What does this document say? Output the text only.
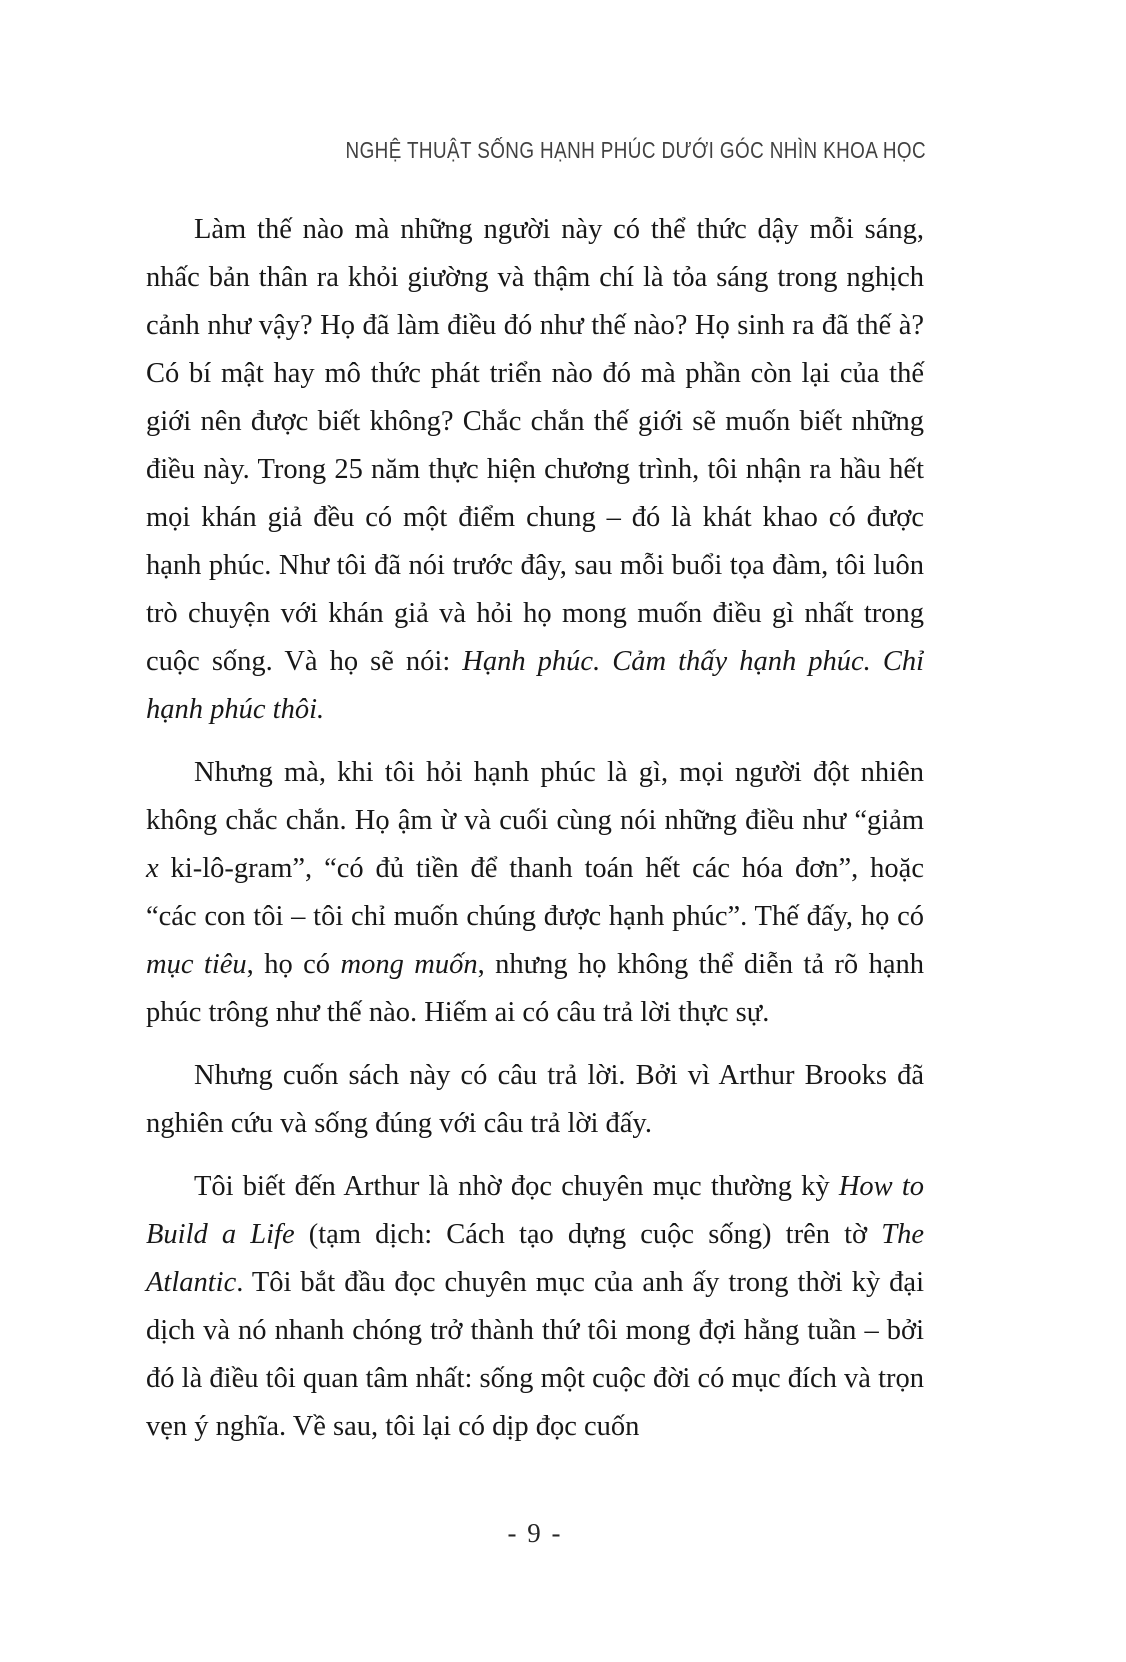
NGHỆ THUẬT SỐNG HẠNH PHÚC DƯỚI GÓC NHÌN KHOA HỌC

Làm thế nào mà những người này có thể thức dậy mỗi sáng, nhấc bản thân ra khỏi giường và thậm chí là tỏa sáng trong nghịch cảnh như vậy? Họ đã làm điều đó như thế nào? Họ sinh ra đã thế à? Có bí mật hay mô thức phát triển nào đó mà phần còn lại của thế giới nên được biết không? Chắc chắn thế giới sẽ muốn biết những điều này. Trong 25 năm thực hiện chương trình, tôi nhận ra hầu hết mọi khán giả đều có một điểm chung – đó là khát khao có được hạnh phúc. Như tôi đã nói trước đây, sau mỗi buổi tọa đàm, tôi luôn trò chuyện với khán giả và hỏi họ mong muốn điều gì nhất trong cuộc sống. Và họ sẽ nói: Hạnh phúc. Cảm thấy hạnh phúc. Chỉ hạnh phúc thôi.

Nhưng mà, khi tôi hỏi hạnh phúc là gì, mọi người đột nhiên không chắc chắn. Họ ậm ừ và cuối cùng nói những điều như “giảm x ki-lô-gram”, “có đủ tiền để thanh toán hết các hóa đơn”, hoặc “các con tôi – tôi chỉ muốn chúng được hạnh phúc”. Thế đấy, họ có mục tiêu, họ có mong muốn, nhưng họ không thể diễn tả rõ hạnh phúc trông như thế nào. Hiếm ai có câu trả lời thực sự.

Nhưng cuốn sách này có câu trả lời. Bởi vì Arthur Brooks đã nghiên cứu và sống đúng với câu trả lời đấy.

Tôi biết đến Arthur là nhờ đọc chuyên mục thường kỳ How to Build a Life (tạm dịch: Cách tạo dựng cuộc sống) trên tờ The Atlantic. Tôi bắt đầu đọc chuyên mục của anh ấy trong thời kỳ đại dịch và nó nhanh chóng trở thành thứ tôi mong đợi hằng tuần – bởi đó là điều tôi quan tâm nhất: sống một cuộc đời có mục đích và trọn vẹn ý nghĩa. Về sau, tôi lại có dịp đọc cuốn

- 9 -
